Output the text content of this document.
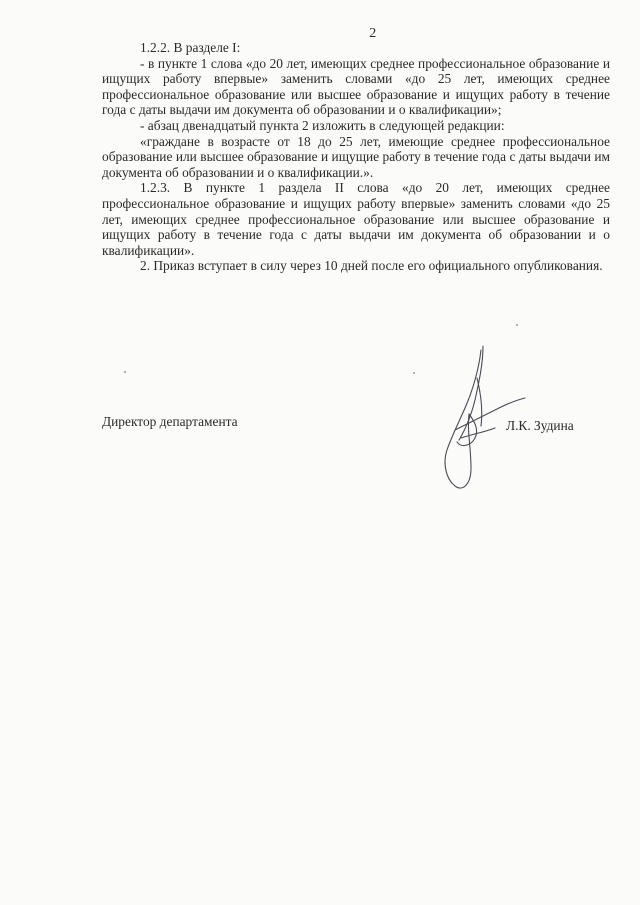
2

1.2.2. В разделе I:

- в пункте 1 слова «до 20 лет, имеющих среднее профессиональное образование и ищущих работу впервые» заменить словами «до 25 лет, имеющих среднее профессиональное образование или высшее образование и ищущих работу в течение года с даты выдачи им документа об образовании и о квалификации»;

- абзац двенадцатый пункта 2 изложить в следующей редакции:

«граждане в возрасте от 18 до 25 лет, имеющие среднее профессиональное образование или высшее образование и ищущие работу в течение года с даты выдачи им документа об образовании и о квалификации.».

1.2.3. В пункте 1 раздела II слова «до 20 лет, имеющих среднее профессиональное образование и ищущих работу впервые» заменить словами «до 25 лет, имеющих среднее профессиональное образование или высшее образование и ищущих работу в течение года с даты выдачи им документа об образовании и о квалификации».

2. Приказ вступает в силу через 10 дней после его официального опубликования.

Директор департамента	Л.К. Зудина
